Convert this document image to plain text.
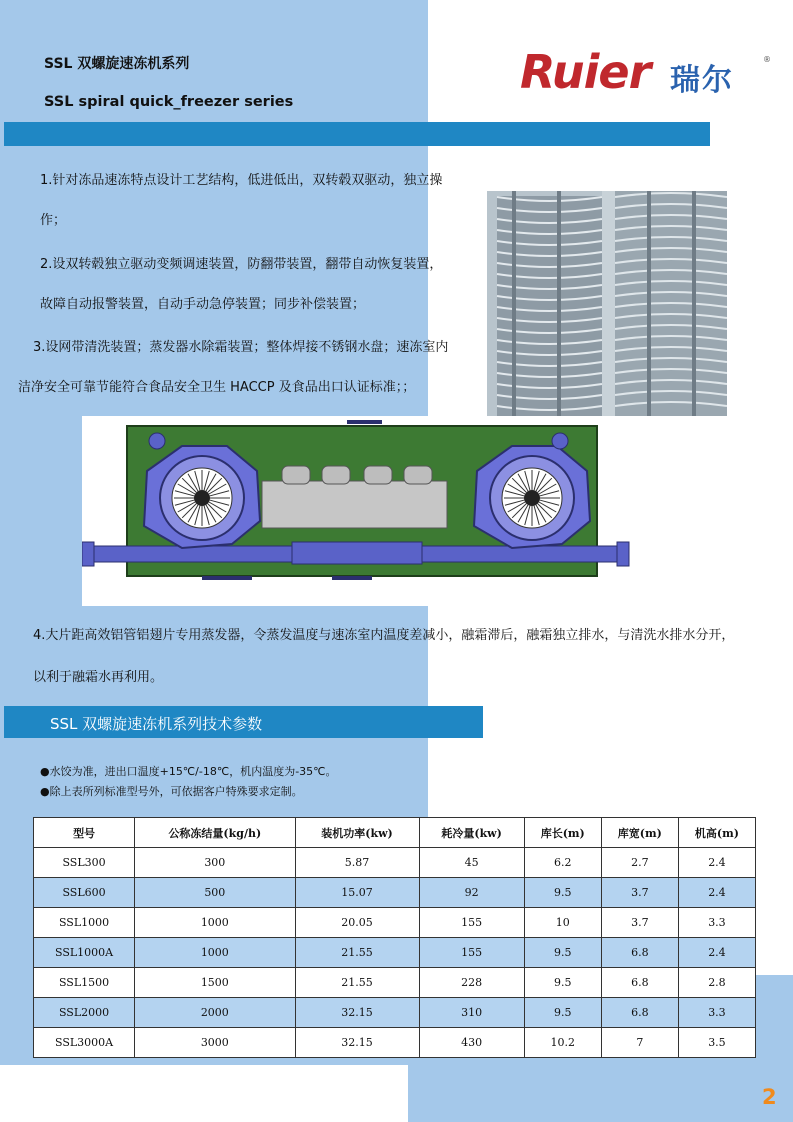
SSL 双螺旋速冻机系列
SSL spiral quick_freezer series
Ruier 瑞尔
®
1.针对冻品速冻特点设计工艺结构，低进低出，双转毂双驱动，独立操
作；
2.设双转毂独立驱动变频调速装置，防翻带装置，翻带自动恢复装置，
故障自动报警装置，自动手动急停装置；同步补偿装置；
3.设网带清洗装置；蒸发器水除霜装置；整体焊接不锈钢水盘；速冻室内
洁净安全可靠节能符合食品安全卫生 HACCP 及食品出口认证标准；；
4.大片距高效铝管铝翅片专用蒸发器，令蒸发温度与速冻室内温度差减小，融霜滞后，融霜独立排水，与清洗水排水分开，
以利于融霜水再利用。
SSL 双螺旋速冻机系列技术参数
●水饺为准，进出口温度+15℃/-18℃，机内温度为-35℃。
●除上表所列标准型号外，可依据客户特殊要求定制。
型号	公称冻结量(kg/h)	装机功率(kw)	耗冷量(kw)	库长(m)	库宽(m)	机高(m)
SSL300	300	5.87	45	6.2	2.7	2.4
SSL600	500	15.07	92	9.5	3.7	2.4
SSL1000	1000	20.05	155	10	3.7	3.3
SSL1000A	1000	21.55	155	9.5	6.8	2.4
SSL1500	1500	21.55	228	9.5	6.8	2.8
SSL2000	2000	32.15	310	9.5	6.8	3.3
SSL3000A	3000	32.15	430	10.2	7	3.5
2
